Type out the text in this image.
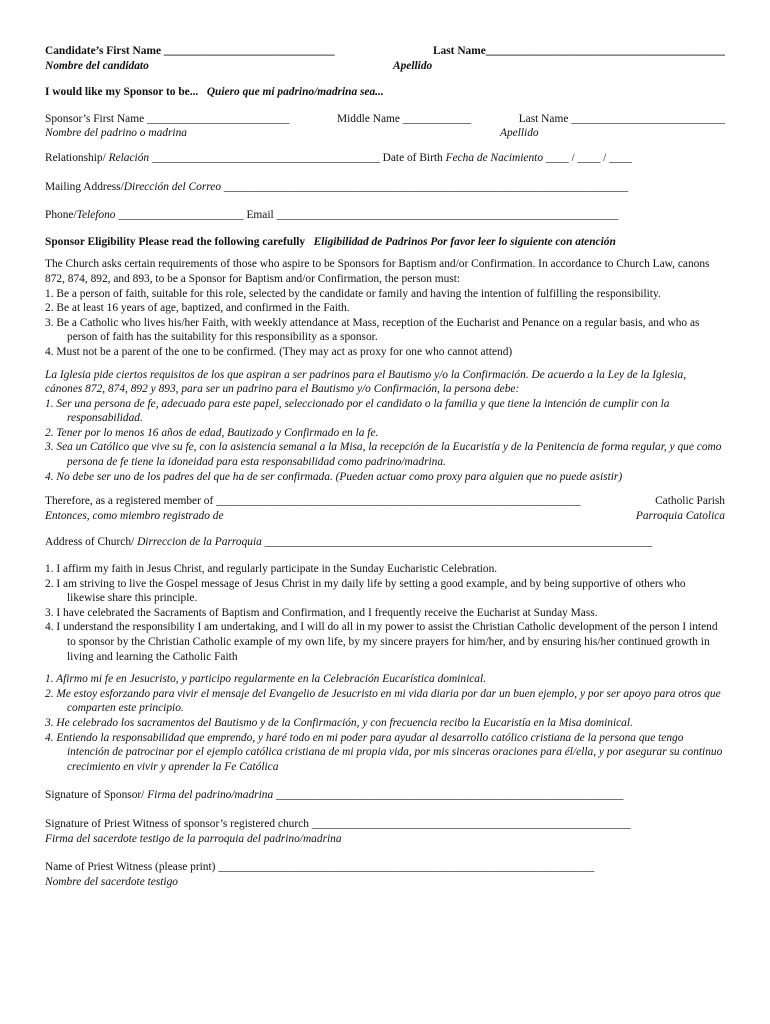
Candidate’s First Name ______________________________	Last Name__________________________________________
Nombre del candidato	Apellido
I would like my Sponsor to be... Quiero que mi padrino/madrina sea...
Sponsor’s First Name _________________________	Middle Name ____________	Last Name ___________________________
Nombre del padrino o madrina	Apellido
Relationship/ Relación ________________________________________ Date of Birth Fecha de Nacimiento ____ / ____ / ____
Mailing Address/Dirección del Correo _______________________________________________________________________
Phone/Telefono ______________________ Email ____________________________________________________________
Sponsor Eligibility Please read the following carefully Eligibilidad de Padrinos Por favor leer lo siguiente con atención

The Church asks certain requirements of those who aspire to be Sponsors for Baptism and/or Confirmation. In accordance to Church Law, canons 872, 874, 892, and 893, to be a Sponsor for Baptism and/or Confirmation, the person must:

1. Be a person of faith, suitable for this role, selected by the candidate or family and having the intention of fulfilling the responsibility.

2. Be at least 16 years of age, baptized, and confirmed in the Faith.

3. Be a Catholic who lives his/her Faith, with weekly attendance at Mass, reception of the Eucharist and Penance on a regular basis, and who as person of faith has the suitability for this responsibility as a sponsor.

4. Must not be a parent of the one to be confirmed. (They may act as proxy for one who cannot attend)

La Iglesia pide ciertos requisitos de los que aspiran a ser padrinos para el Bautismo y/o la Confirmación. De acuerdo a la Ley de la Iglesia, cánones 872, 874, 892 y 893, para ser un padrino para el Bautismo y/o Confirmación, la persona debe:

1. Ser una persona de fe, adecuado para este papel, seleccionado por el candidato o la familia y que tiene la intención de cumplir con la responsabilidad.

2. Tener por lo menos 16 años de edad, Bautizado y Confirmado en la fe.

3. Sea un Católico que vive su fe, con la asistencia semanal a la Misa, la recepción de la Eucaristía y de la Penitencia de forma regular, y que como persona de fe tiene la idoneidad para esta responsabilidad como padrino/madrina.

4. No debe ser uno de los padres del que ha de ser confirmada. (Pueden actuar como proxy para alguien que no puede asistir)

Therefore, as a registered member of ________________________________________________________________	Catholic Parish
Entonces, como miembro registrado de	Parroquia Catolica
Address of Church/ Dirreccion de la Parroquia ____________________________________________________________________

1. I affirm my faith in Jesus Christ, and regularly participate in the Sunday Eucharistic Celebration.

2. I am striving to live the Gospel message of Jesus Christ in my daily life by setting a good example, and by being supportive of others who likewise share this principle.

3. I have celebrated the Sacraments of Baptism and Confirmation, and I frequently receive the Eucharist at Sunday Mass.

4. I understand the responsibility I am undertaking, and I will do all in my power to assist the Christian Catholic development of the person I intend to sponsor by the Christian Catholic example of my own life, by my sincere prayers for him/her, and by ensuring his/her continued growth in living and learning the Catholic Faith

1. Afirmo mi fe en Jesucristo, y participo regularmente en la Celebración Eucarística dominical.

2. Me estoy esforzando para vivir el mensaje del Evangelio de Jesucristo en mi vida diaria por dar un buen ejemplo, y por ser apoyo para otros que comparten este principio.

3. He celebrado los sacramentos del Bautismo y de la Confirmación, y con frecuencia recibo la Eucaristía en la Misa dominical.

4. Entiendo la responsabilidad que emprendo, y haré todo en mi poder para ayudar al desarrollo católico cristiana de la persona que tengo intención de patrocinar por el ejemplo católica cristiana de mi propia vida, por mis sinceras oraciones para él/ella, y por asegurar su continuo crecimiento en vivir y aprender la Fe Católica

Signature of Sponsor/ Firma del padrino/madrina _____________________________________________________________
Signature of Priest Witness of sponsor’s registered church ________________________________________________________
Firma del sacerdote testigo de la parroquia del padrino/madrina
Name of Priest Witness (please print) __________________________________________________________________
Nombre del sacerdote testigo
